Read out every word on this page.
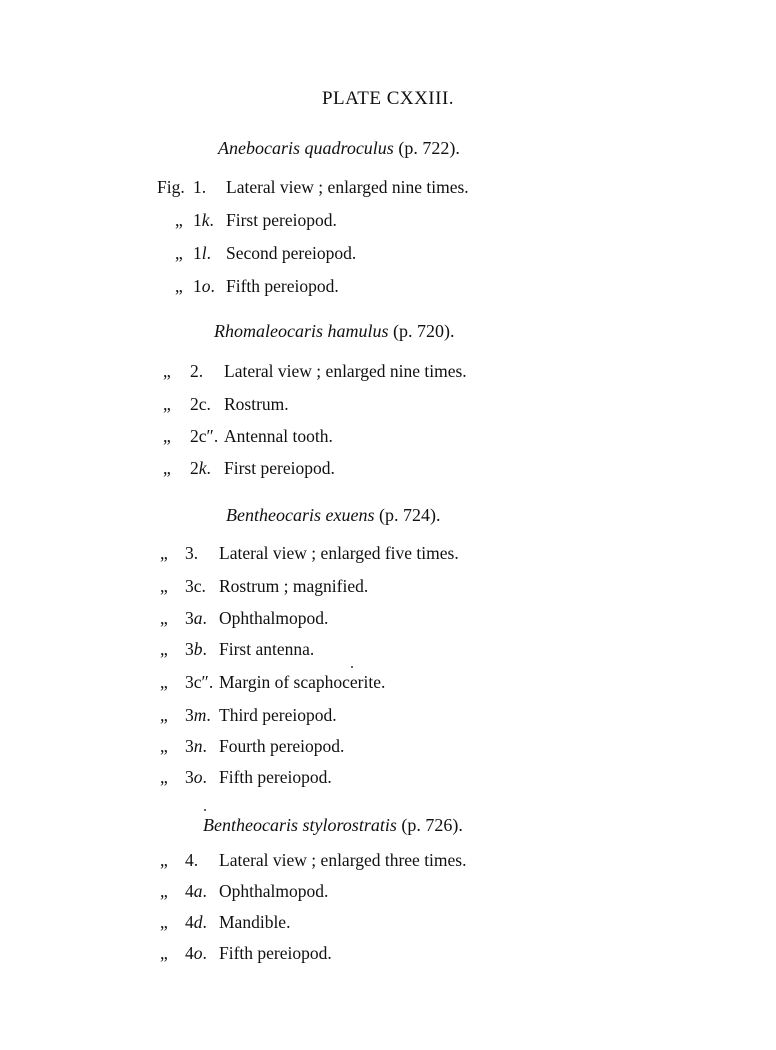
PLATE CXXIII.
Anebocaris quadroculus (p. 722).
Fig. 1. Lateral view ; enlarged nine times.
„ 1k. First pereiopod.
„ 1l. Second pereiopod.
„ 1o. Fifth pereiopod.
Rhomaleocaris hamulus (p. 720).
„ 2. Lateral view ; enlarged nine times.
„ 2c. Rostrum.
„ 2c″. Antennal tooth.
„ 2k. First pereiopod.
Bentheocaris exuens (p. 724).
„ 3. Lateral view ; enlarged five times.
„ 3c. Rostrum ; magnified.
„ 3a. Ophthalmopod.
„ 3b. First antenna.
„ 3c″. Margin of scaphocerite.
„ 3m. Third pereiopod.
„ 3n. Fourth pereiopod.
„ 3o. Fifth pereiopod.
Bentheocaris stylorostratis (p. 726).
„ 4. Lateral view ; enlarged three times.
„ 4a. Ophthalmopod.
„ 4d. Mandible.
„ 4o. Fifth pereiopod.
